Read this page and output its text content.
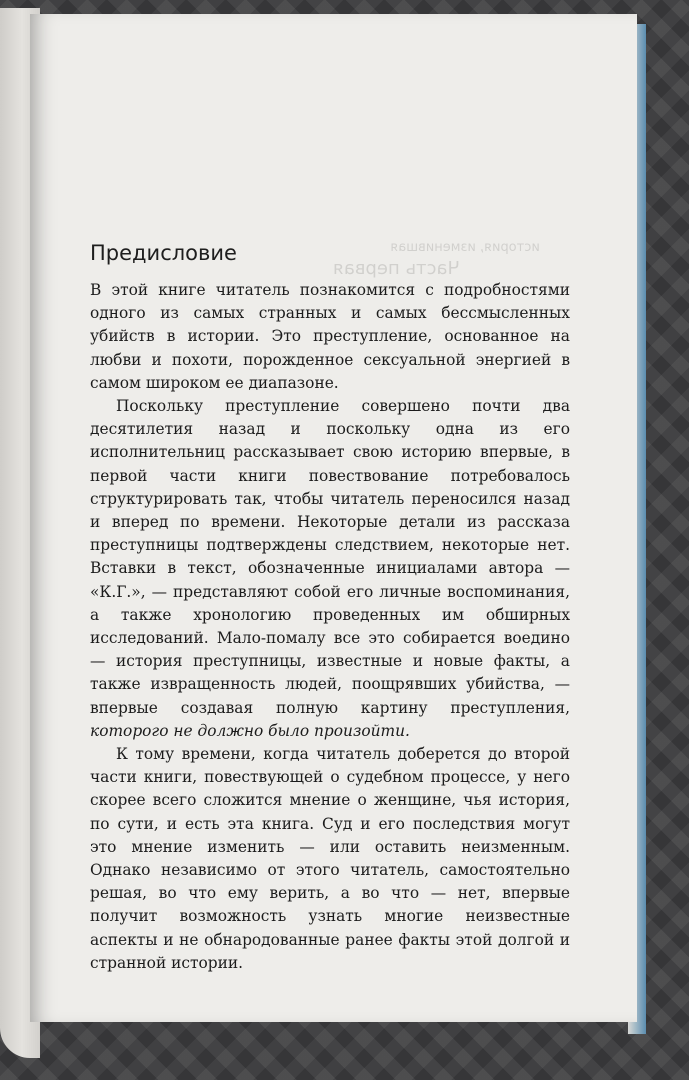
Часть первая
история, изменившая
Предисловие

В этой книге читатель познакомится с подробностями одного из самых странных и самых бессмысленных убийств в истории. Это преступление, основанное на любви и похоти, порожденное сексуальной энергией в самом широком ее диапазоне.

Поскольку преступление совершено почти два десятилетия назад и поскольку одна из его исполнительниц рассказывает свою историю впервые, в первой части книги повествование потребовалось структурировать так, чтобы читатель переносился назад и вперед по времени. Некоторые детали из рассказа преступницы подтверждены следствием, некоторые нет. Вставки в текст, обозначенные инициалами автора — «К.Г.», — представляют собой его личные воспоминания, а также хронологию проведенных им обширных исследований. Мало-помалу все это собирается воедино — история преступницы, известные и новые факты, а также извращенность людей, поощрявших убийства, — впервые создавая полную картину преступления, которого не должно было произойти.

К тому времени, когда читатель доберется до второй части книги, повествующей о судебном процессе, у него скорее всего сложится мнение о женщине, чья история, по сути, и есть эта книга. Суд и его последствия могут это мнение изменить — или оставить неизменным. Однако независимо от этого читатель, самостоятельно решая, во что ему верить, а во что — нет, впервые получит возможность узнать многие неизвестные аспекты и не обнародованные ранее факты этой долгой и странной истории.
